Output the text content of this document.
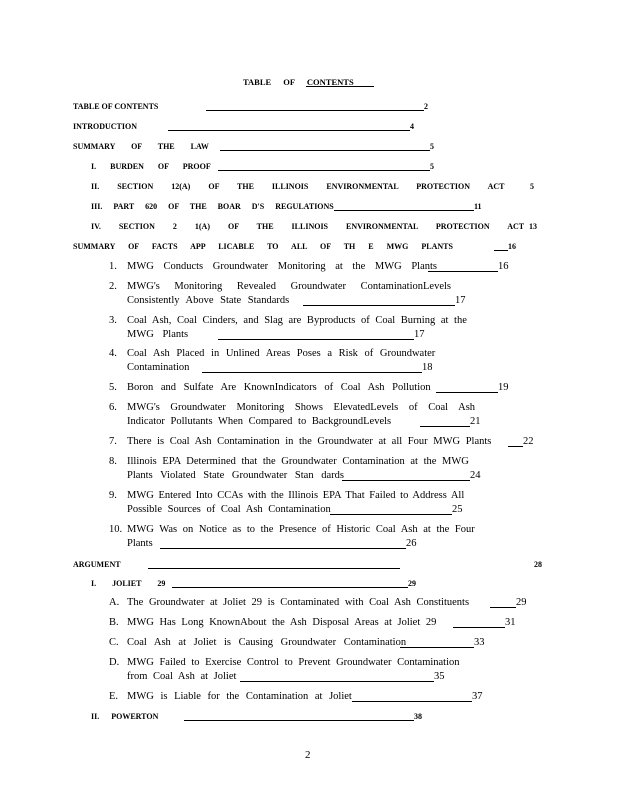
TABLE OF CONTENTS
TABLE OF CONTENTS	2
INTRODUCTION	4
SUMMARY OF THE LAW	5
I. BURDEN OF PROOF	5
II. SECTION 12(A) OF THE ILLINOIS ENVIRONMENTAL PROTECTION ACT	5
III. PART 620 OF THE BOAR D'S REGULATIONS	11
IV. SECTION 2 1(A) OF THE ILLINOIS ENVIRONMENTAL PROTECTION ACT 13
SUMMARY OF FACTS APP LICABLE TO ALL OF TH E MWG PLANTS	16
1. MWG Conducts Groundwater Monitoring at the MWG Plants	16
2. MWG's Monitoring Revealed Groundwater ContaminationLevels
Consistently Above State Standards	17
3. Coal Ash, Coal Cinders, and Slag are Byproducts of Coal Burning at the
MWG Plants	17
4. Coal Ash Placed in Unlined Areas Poses a Risk of Groundwater
Contamination	18
5. Boron and Sulfate Are KnownIndicators of Coal Ash Pollution	19
6. MWG's Groundwater Monitoring Shows ElevatedLevels of Coal Ash
Indicator Pollutants When Compared to BackgroundLevels	21
7. There is Coal Ash Contamination in the Groundwater at all Four MWG Plants	22
8. Illinois EPA Determined that the Groundwater Contamination at the MWG
Plants Violated State Groundwater Stan dards	24
9. MWG Entered Into CCAs with the Illinois EPA That Failed to Address All
Possible Sources of Coal Ash Contamination	25
10. MWG Was on Notice as to the Presence of Historic Coal Ash at the Four
Plants	26
ARGUMENT	28
I. JOLIET 29	29
A. The Groundwater at Joliet 29 is Contaminated with Coal Ash Constituents	29
B. MWG Has Long KnownAbout the Ash Disposal Areas at Joliet 29	31
C. Coal Ash at Joliet is Causing Groundwater Contamination	33
D. MWG Failed to Exercise Control to Prevent Groundwater Contamination
from Coal Ash at Joliet	35
E. MWG is Liable for the Contamination at Joliet	37
II. POWERTON	38
2
